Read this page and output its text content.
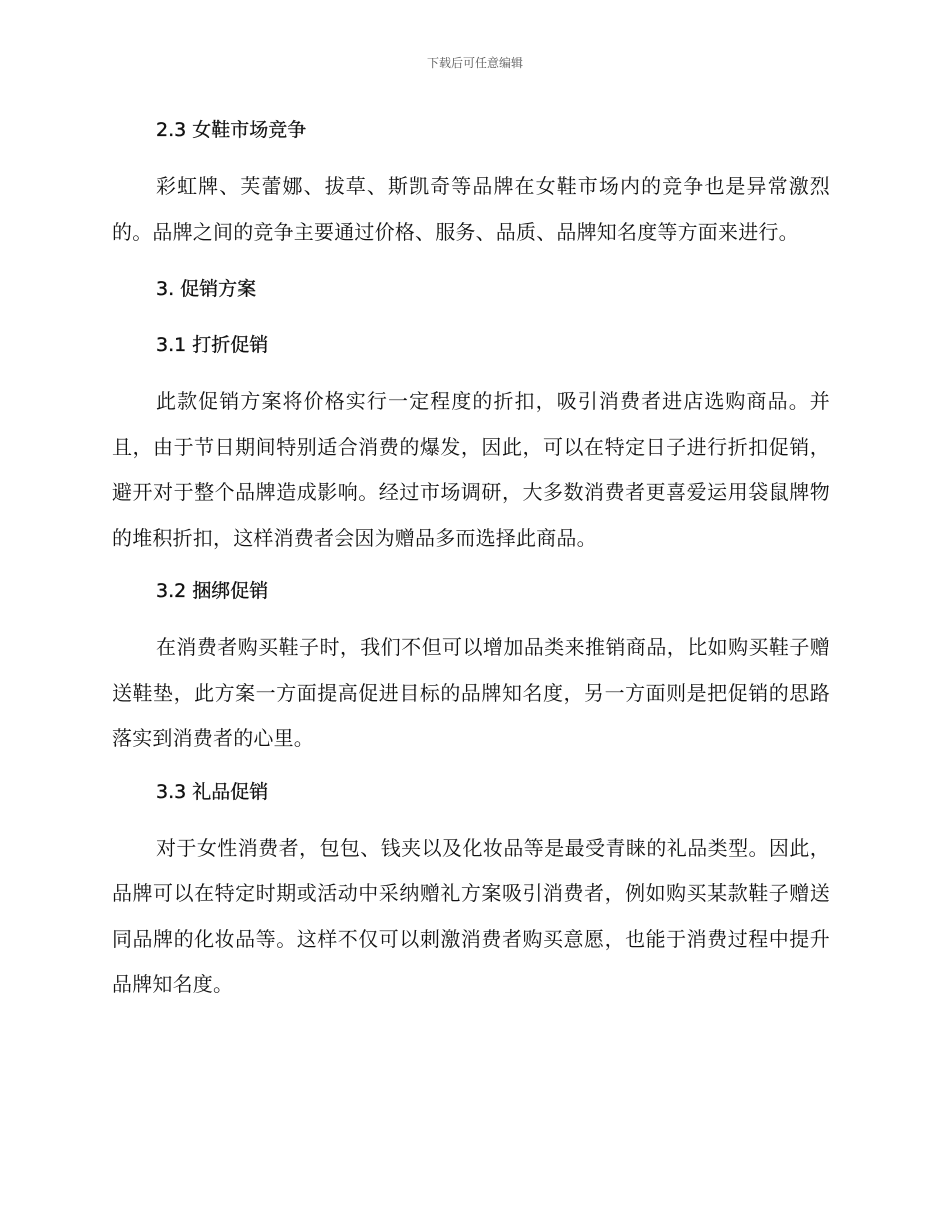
下载后可任意编辑
2.3 女鞋市场竞争

彩虹牌、芙蕾娜、拔草、斯凯奇等品牌在女鞋市场内的竞争也是异常激烈的。品牌之间的竞争主要通过价格、服务、品质、品牌知名度等方面来进行。

3. 促销方案
3.1 打折促销

此款促销方案将价格实行一定程度的折扣，吸引消费者进店选购商品。并且，由于节日期间特别适合消费的爆发，因此，可以在特定日子进行折扣促销，避开对于整个品牌造成影响。经过市场调研，大多数消费者更喜爱运用袋鼠牌物的堆积折扣，这样消费者会因为赠品多而选择此商品。

3.2 捆绑促销

在消费者购买鞋子时，我们不但可以增加品类来推销商品，比如购买鞋子赠送鞋垫，此方案一方面提高促进目标的品牌知名度，另一方面则是把促销的思路落实到消费者的心里。

3.3 礼品促销

对于女性消费者，包包、钱夹以及化妆品等是最受青睐的礼品类型。因此，品牌可以在特定时期或活动中采纳赠礼方案吸引消费者，例如购买某款鞋子赠送同品牌的化妆品等。这样不仅可以刺激消费者购买意愿，也能于消费过程中提升品牌知名度。
